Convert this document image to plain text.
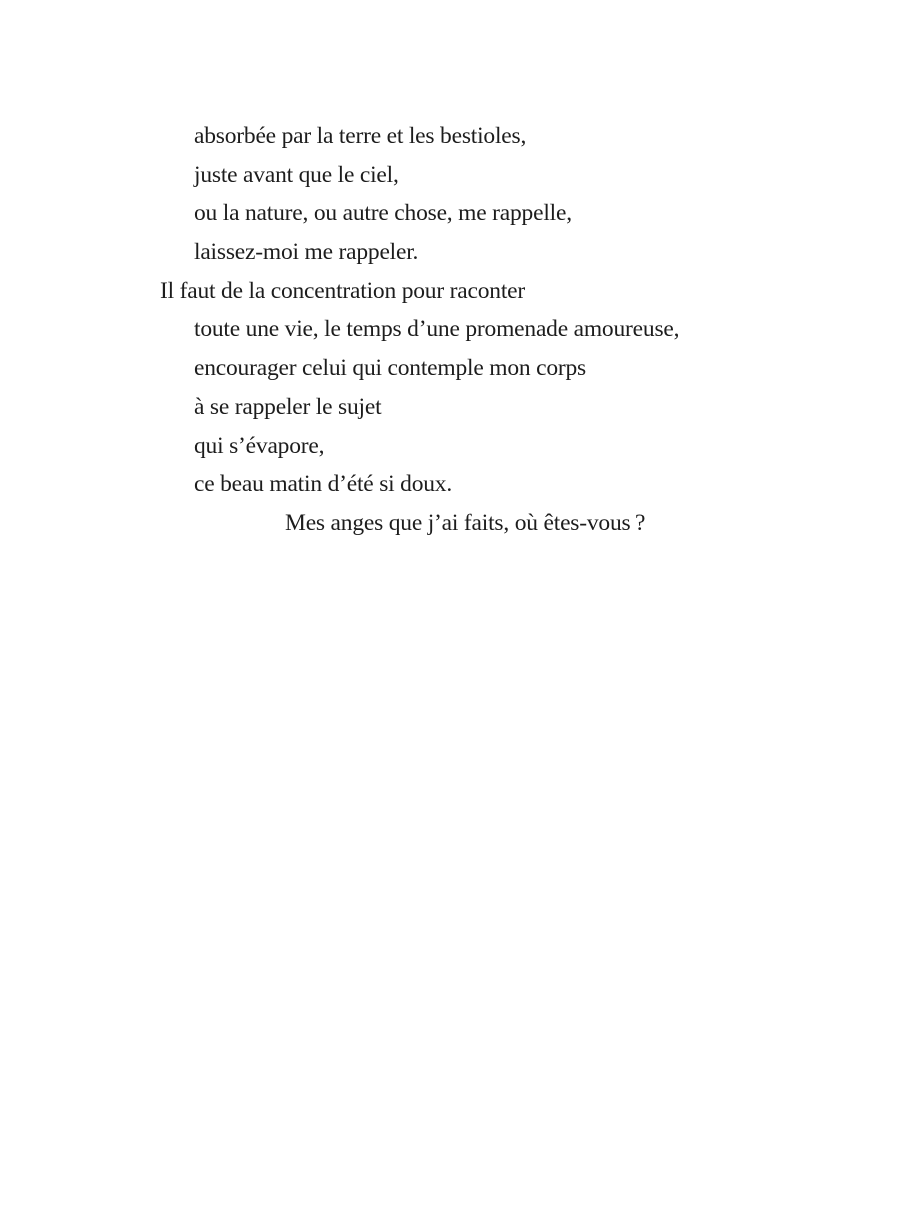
absorbée par la terre et les bestioles,
juste avant que le ciel,
ou la nature, ou autre chose, me rappelle,
laissez-moi me rappeler.
Il faut de la concentration pour raconter
toute une vie, le temps d’une promenade amoureuse,
encourager celui qui contemple mon corps
à se rappeler le sujet
qui s’évapore,
ce beau matin d’été si doux.
Mes anges que j’ai faits, où êtes-vous ?
